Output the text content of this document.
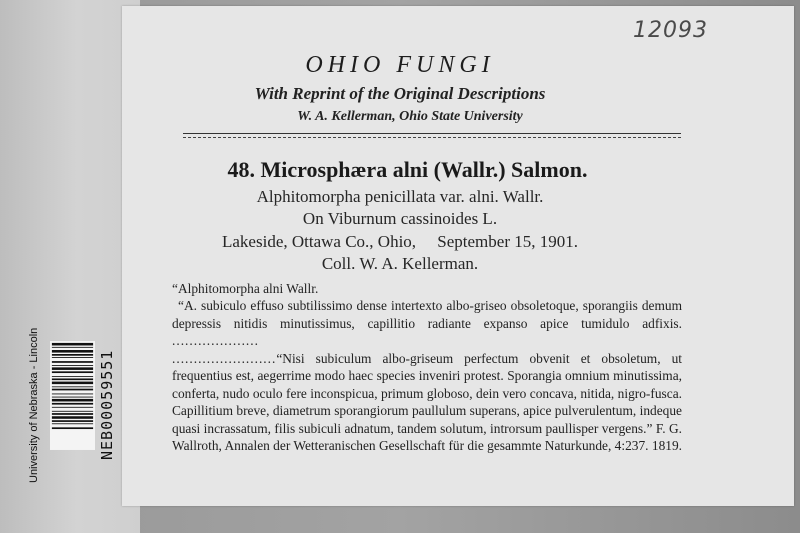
12093
OHIO FUNGI
With Reprint of the Original Descriptions
W. A. Kellerman, Ohio State University
48. Microsphæra alni (Wallr.) Salmon.
Alphitomorpha penicillata var. alni. Wallr.
On Viburnum cassinoides L.
Lakeside, Ottawa Co., Ohio,     September 15, 1901.
Coll. W. A. Kellerman.
“Alphitomorpha alni Wallr.
“A. subiculo effuso subtilissimo dense intertexto albo-griseo obsoletoque, sporangiis demum depressis nitidis minutissimus, capillitio radiante expanso apice tumidulo adfixis. ....................
........................“Nisi subiculum albo-griseum perfectum obvenit et obsoletum, ut frequentius est, aegerrime modo haec species inveniri protest. Sporangia omnium minutissima, conferta, nudo oculo fere inconspicua, primum globoso, dein vero concava, nitida, nigro-fusca. Capillitium breve, diametrum sporangiorum paullulum superans, apice pulverulentum, indeque quasi incrassatum, filis subiculi adnatum, tandem solutum, introrsum paullisper vergens.” F. G. Wallroth, Annalen der Wetteranischen Gesellschaft für die gesammte Naturkunde, 4:237. 1819.
University of Nebraska - Lincoln	NEB00059551
